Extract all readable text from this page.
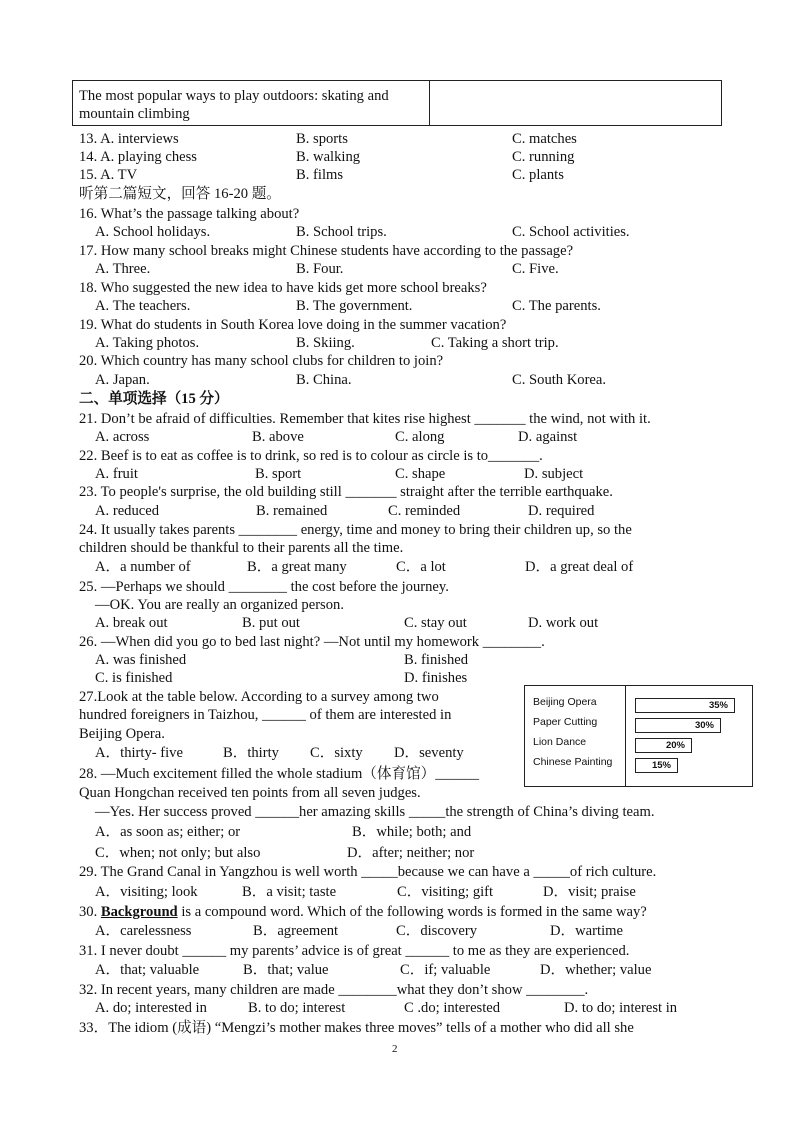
The most popular ways to play outdoors: skating and mountain climbing
13. A. interviews	B. sports	C. matches
14. A. playing chess	B. walking	C. running
15. A. TV	B. films	C. plants
听第二篇短文，回答 16-20 题。
16. What’s the passage talking about?
A. School holidays.	B. School trips.	C. School activities.
17. How many school breaks might Chinese students have according to the passage?
A. Three.	B. Four.	C. Five.
18. Who suggested the new idea to have kids get more school breaks?
A. The teachers.	B. The government.	C. The parents.
19. What do students in South Korea love doing in the summer vacation?
A. Taking photos.	B. Skiing.	C. Taking a short trip.
20. Which country has many school clubs for children to join?
A. Japan.	B. China.	C. South Korea.
二、单项选择（15 分）
21. Don’t be afraid of difficulties. Remember that kites rise highest _______ the wind, not with it.
A. across	B. above	C. along	D. against
22. Beef is to eat as coffee is to drink, so red is to colour as circle is to_______.
A. fruit	B. sport	C. shape	D. subject
23. To people's surprise, the old building still _______ straight after the terrible earthquake.
A. reduced	B. remained	C. reminded	D. required
24. It usually takes parents ________ energy, time and money to bring their children up, so the
children should be thankful to their parents all the time.
A．a number of	B．a great many	C．a lot	D．a great deal of
25. —Perhaps we should ________ the cost before the journey.
—OK. You are really an organized person.
A. break out	B. put out	C. stay out	D. work out
26. —When did you go to bed last night? —Not until my homework ________.
A. was finished	B. finished
C. is finished	D. finishes
27.Look at the table below. According to a survey among two
hundred foreigners in Taizhou, ______ of them are interested in
Beijing Opera.
A．thirty- five	B．thirty C．sixty D．seventy
Beijing Opera	35%
Paper Cutting	30%
Lion Dance	20%
Chinese Painting	15%
28. —Much excitement filled the whole stadium（体育馆）______
Quan Hongchan received ten points from all seven judges.
—Yes. Her success proved ______her amazing skills _____the strength of China’s diving team.
A．as soon as; either; or	B．while; both; and
C．when; not only; but also	D．after; neither; nor
29. The Grand Canal in Yangzhou is well worth _____because we can have a _____of rich culture.
A．visiting; look	B．a visit; taste	C．visiting; gift	D．visit; praise
30. Background is a compound word. Which of the following words is formed in the same way?
A．carelessness	B．agreement	C．discovery	D．wartime
31. I never doubt ______ my parents’ advice is of great ______ to me as they are experienced.
A．that; valuable	B．that; value	C．if; valuable	D．whether; value
32. In recent years, many children are made ________what they don’t show ________.
A. do; interested in	B. to do; interest	C .do; interested	D. to do; interest in
33．The idiom (成语) “Mengzi’s mother makes three moves” tells of a mother who did all she
2
